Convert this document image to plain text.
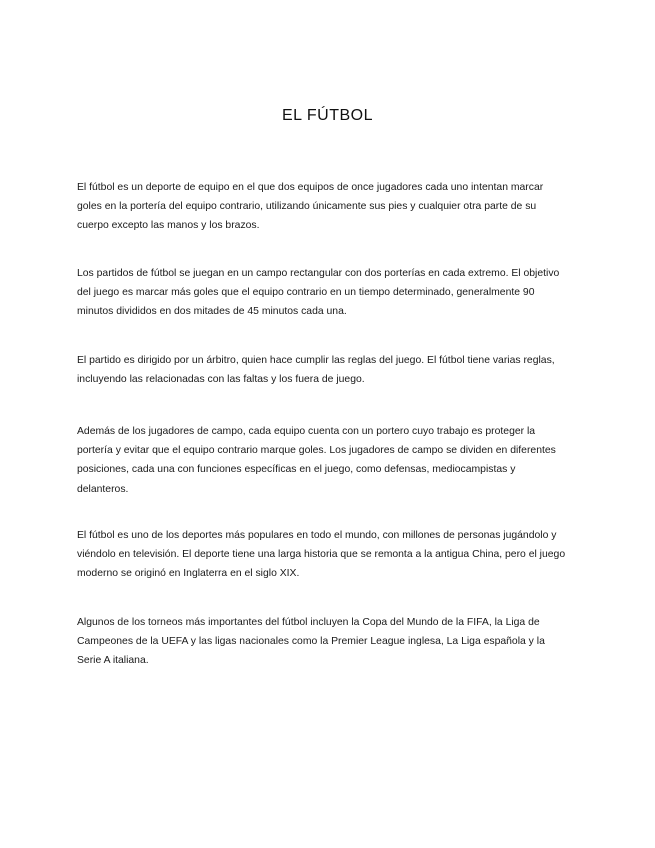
EL FÚTBOL

El fútbol es un deporte de equipo en el que dos equipos de once jugadores cada uno intentan marcar goles en la portería del equipo contrario, utilizando únicamente sus pies y cualquier otra parte de su cuerpo excepto las manos y los brazos.

Los partidos de fútbol se juegan en un campo rectangular con dos porterías en cada extremo. El objetivo del juego es marcar más goles que el equipo contrario en un tiempo determinado, generalmente 90 minutos divididos en dos mitades de 45 minutos cada una.

El partido es dirigido por un árbitro, quien hace cumplir las reglas del juego. El fútbol tiene varias reglas, incluyendo las relacionadas con las faltas y los fuera de juego.

Además de los jugadores de campo, cada equipo cuenta con un portero cuyo trabajo es proteger la portería y evitar que el equipo contrario marque goles. Los jugadores de campo se dividen en diferentes posiciones, cada una con funciones específicas en el juego, como defensas, mediocampistas y delanteros.

El fútbol es uno de los deportes más populares en todo el mundo, con millones de personas jugándolo y viéndolo en televisión. El deporte tiene una larga historia que se remonta a la antigua China, pero el juego moderno se originó en Inglaterra en el siglo XIX.

Algunos de los torneos más importantes del fútbol incluyen la Copa del Mundo de la FIFA, la Liga de Campeones de la UEFA y las ligas nacionales como la Premier League inglesa, La Liga española y la Serie A italiana.
